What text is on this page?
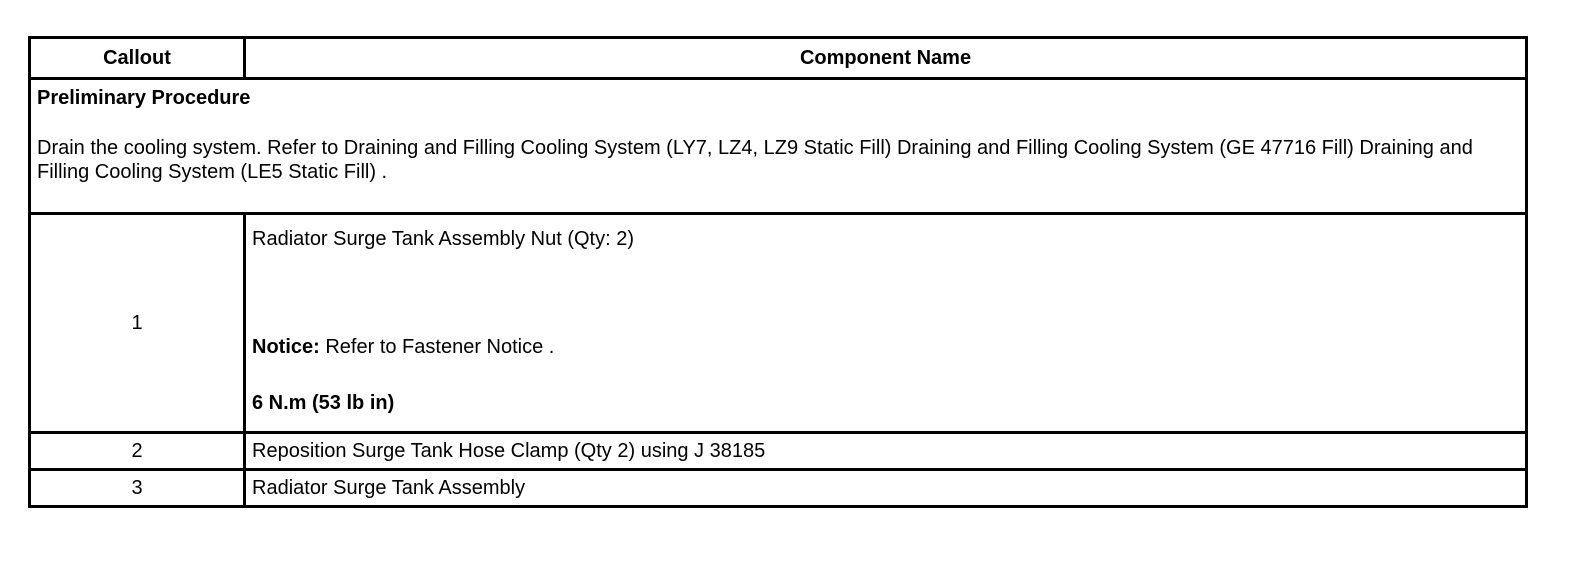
Callout	Component Name

Preliminary Procedure
Drain the cooling system. Refer to Draining and Filling Cooling System (LY7, LZ4, LZ9 Static Fill) Draining and Filling Cooling System (GE 47716 Fill) Draining and Filling Cooling System (LE5 Static Fill) .	

1	Radiator Surge Tank Assembly Nut (Qty: 2)
Notice: Refer to Fastener Notice .
6 N.m (53 lb in)

2	Reposition Surge Tank Hose Clamp (Qty 2) using J 38185
3	Radiator Surge Tank Assembly
